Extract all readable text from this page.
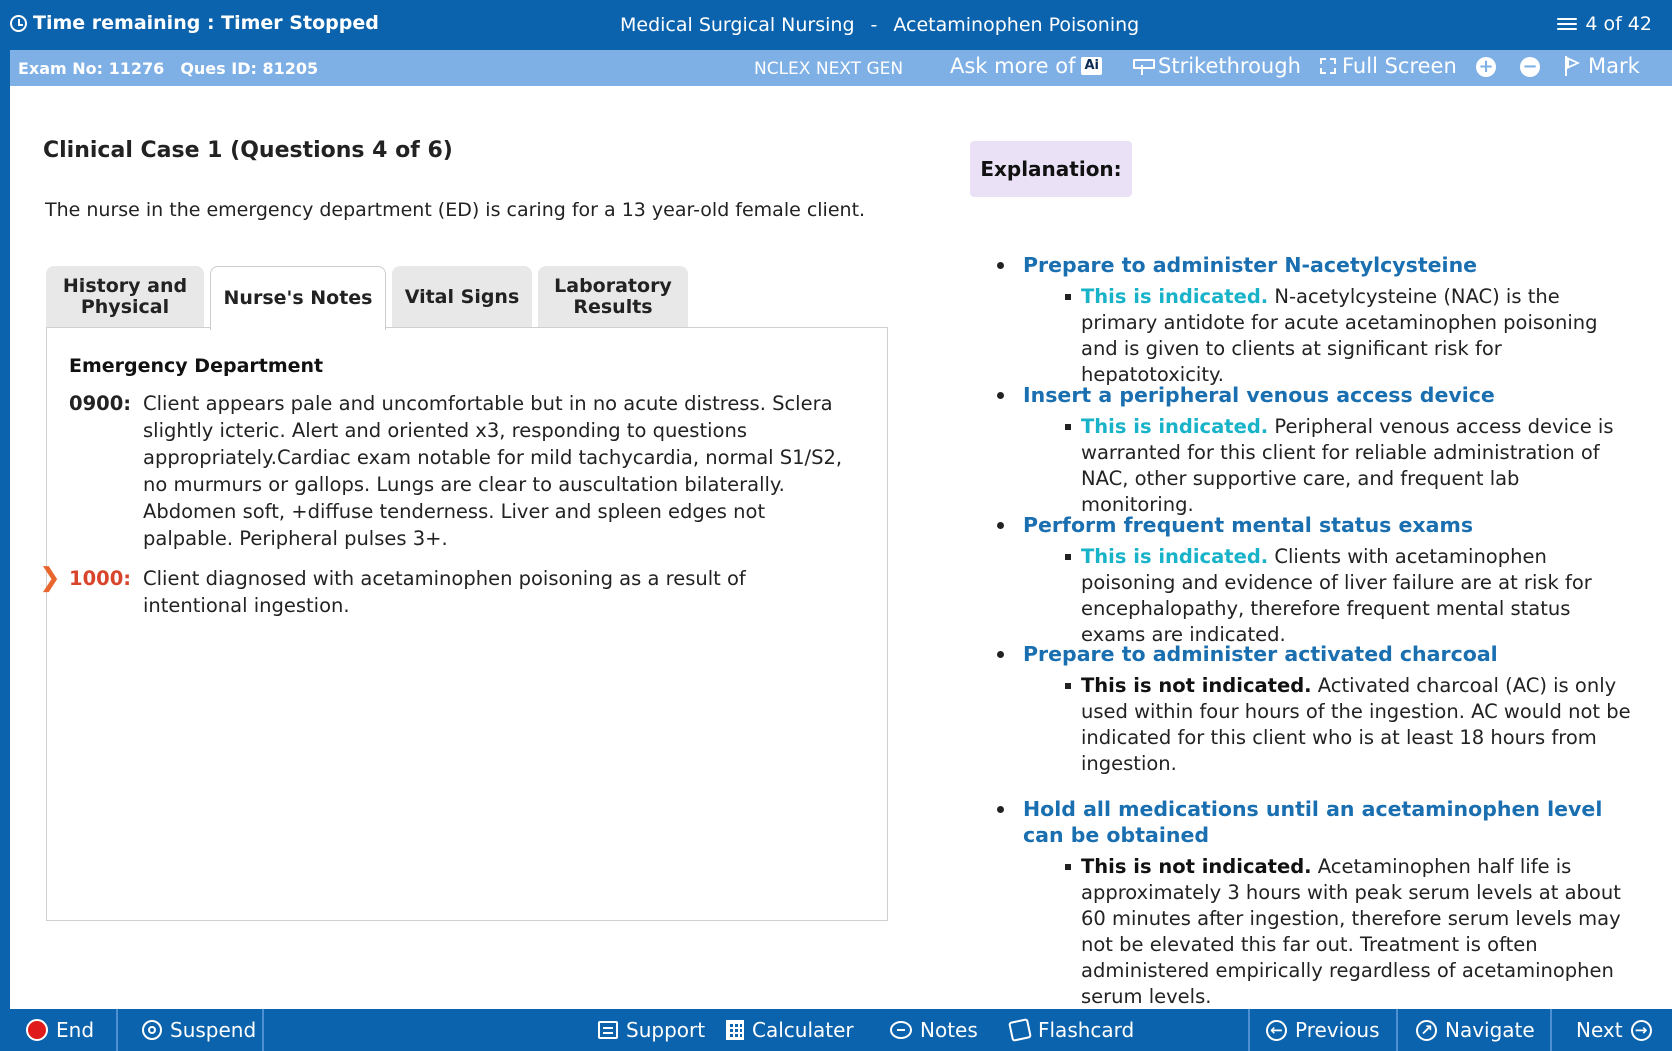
Time remaining : Timer Stopped	Medical Surgical Nursing - Acetaminophen Poisoning	4 of 42
Exam No: 11276 Ques ID: 81205	NCLEX NEXT GEN Ask more of Ai	Strikethrough Full Screen + − Mark
Clinical Case 1 (Questions 4 of 6)
The nurse in the emergency department (ED) is caring for a 13 year-old female client.
History and Physical	Nurse's Notes Vital Signs	Laboratory Results
Emergency Department
0900: Client appears pale and uncomfortable but in no acute distress. Sclera slightly icteric. Alert and oriented x3, responding to questions appropriately.Cardiac exam notable for mild tachycardia, normal S1/S2, no murmurs or gallops. Lungs are clear to auscultation bilaterally. Abdomen soft, +diffuse tenderness. Liver and spleen edges not palpable. Peripheral pulses 3+.
❯ 1000: Client diagnosed with acetaminophen poisoning as a result of intentional ingestion.
Explanation:
Prepare to administer N-acetylcysteine
This is indicated. N-acetylcysteine (NAC) is the primary antidote for acute acetaminophen poisoning and is given to clients at significant risk for hepatotoxicity.
Insert a peripheral venous access device
This is indicated. Peripheral venous access device is warranted for this client for reliable administration of NAC, other supportive care, and frequent lab monitoring.
Perform frequent mental status exams
This is indicated. Clients with acetaminophen poisoning and evidence of liver failure are at risk for encephalopathy, therefore frequent mental status exams are indicated.
Prepare to administer activated charcoal
This is not indicated. Activated charcoal (AC) is only used within four hours of the ingestion. AC would not be indicated for this client who is at least 18 hours from ingestion.
Hold all medications until an acetaminophen level can be obtained
This is not indicated. Acetaminophen half life is approximately 3 hours with peak serum levels at about 60 minutes after ingestion, therefore serum levels may not be elevated this far out. Treatment is often administered empirically regardless of acetaminophen serum levels.
End	Suspend	Support Calculater	Notes	Flashcard	← Previous	↗ Navigate Next →
